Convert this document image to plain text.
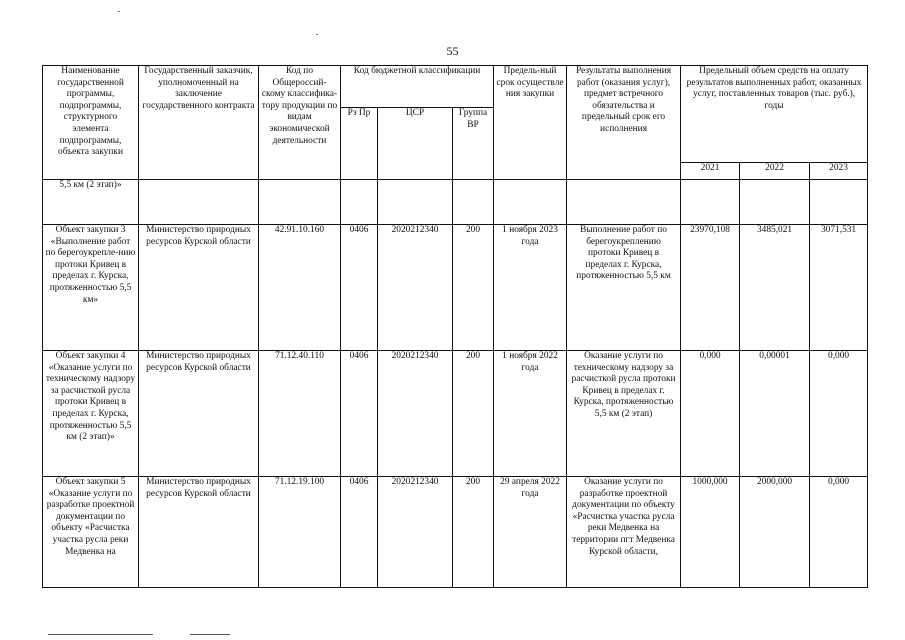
55
Наименование государственной программы, подпрограммы, структурного элемента подпрограммы, объекта закупки	Государственный заказчик, уполномоченный на заключение государственного контракта	Код по Общероссий-скому классифика-тору продукции по видам экономической деятельности	Код бюджетной классификации			Предель-ный срок осуществле ния закупки	Результаты выполнения работ (оказания услуг), предмет встречного обязательства и предельный срок его исполнения	Предельный объем средств на оплату результатов выполненных работ, оказанных услуг, поставленных товаров (тыс. руб.), годы		
			Рз Пр	ЦСР	Группа ВР					
								2021	2022	2023
5,5 км (2 этап)»										
Объект закупки 3 «Выполнение работ по берегоукрепле-нию протоки Кривец в пределах г. Курска, протяженностью 5,5 км»	Министерство природных ресурсов Курской области	42.91.10.160	0406	2020212340	200	1 ноября 2023 года	Выполнение работ по берегоукреплению протоки Кривец в пределах г. Курска, протяженностью 5,5 км	23970,108	3485,021	3071,531
Объект закупки 4 «Оказание услуги по техническому надзору за расчисткой русла протоки Кривец в пределах г. Курска, протяженностью 5,5 км (2 этап)»	Министерство природных ресурсов Курской области	71.12.40.110	0406	2020212340	200	1 ноября 2022 года	Оказание услуги по техническому надзору за расчисткой русла протоки Кривец в пределах г. Курска, протяженностью 5,5 км (2 этап)	0,000	0,00001	0,000
Объект закупки 5 «Оказание услуги по разработке проектной документации по объекту «Расчистка участка русла реки Медвенка на	Министерство природных ресурсов Курской области	71.12.19.100	0406	2020212340	200	29 апреля 2022 года	Оказание услуги по разработке проектной документации по объекту «Расчистка участка русла реки Медвенка на территории пгт Медвенка Курской области,	1000,000	2000,000	0,000
